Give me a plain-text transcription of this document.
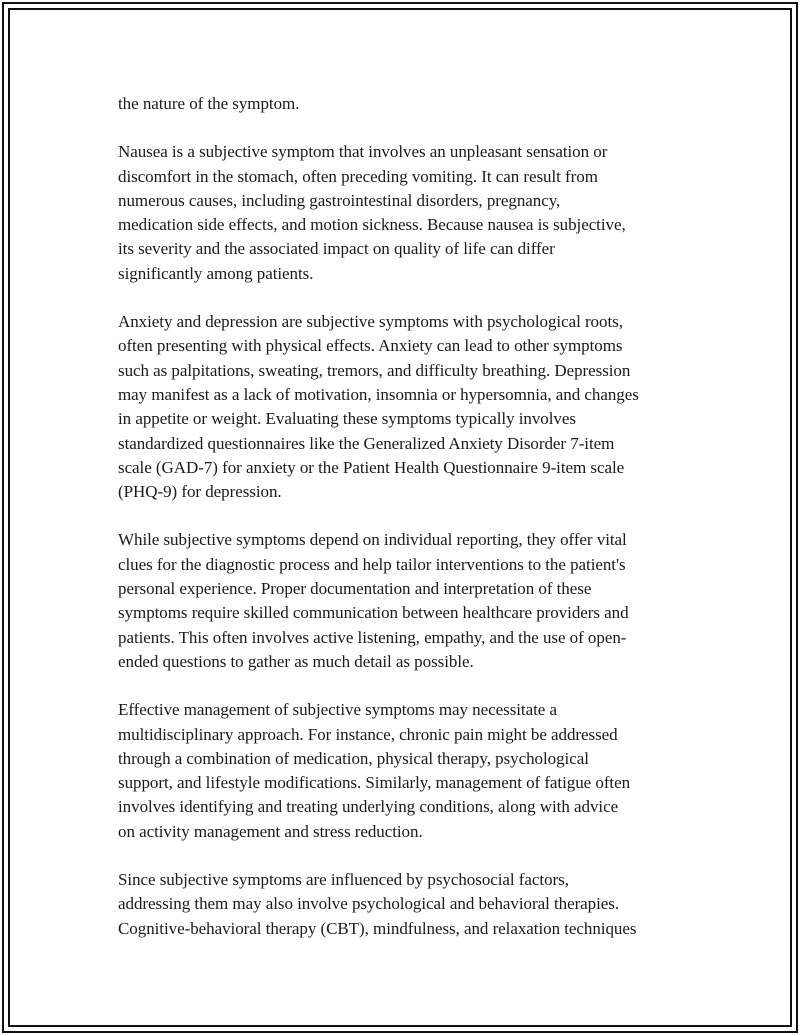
the nature of the symptom.

Nausea is a subjective symptom that involves an unpleasant sensation or
discomfort in the stomach, often preceding vomiting. It can result from
numerous causes, including gastrointestinal disorders, pregnancy,
medication side effects, and motion sickness. Because nausea is subjective,
its severity and the associated impact on quality of life can differ
significantly among patients.

Anxiety and depression are subjective symptoms with psychological roots,
often presenting with physical effects. Anxiety can lead to other symptoms
such as palpitations, sweating, tremors, and difficulty breathing. Depression
may manifest as a lack of motivation, insomnia or hypersomnia, and changes
in appetite or weight. Evaluating these symptoms typically involves
standardized questionnaires like the Generalized Anxiety Disorder 7-item
scale (GAD-7) for anxiety or the Patient Health Questionnaire 9-item scale
(PHQ-9) for depression.

While subjective symptoms depend on individual reporting, they offer vital
clues for the diagnostic process and help tailor interventions to the patient's
personal experience. Proper documentation and interpretation of these
symptoms require skilled communication between healthcare providers and
patients. This often involves active listening, empathy, and the use of open-
ended questions to gather as much detail as possible.

Effective management of subjective symptoms may necessitate a
multidisciplinary approach. For instance, chronic pain might be addressed
through a combination of medication, physical therapy, psychological
support, and lifestyle modifications. Similarly, management of fatigue often
involves identifying and treating underlying conditions, along with advice
on activity management and stress reduction.

Since subjective symptoms are influenced by psychosocial factors,
addressing them may also involve psychological and behavioral therapies.
Cognitive-behavioral therapy (CBT), mindfulness, and relaxation techniques
